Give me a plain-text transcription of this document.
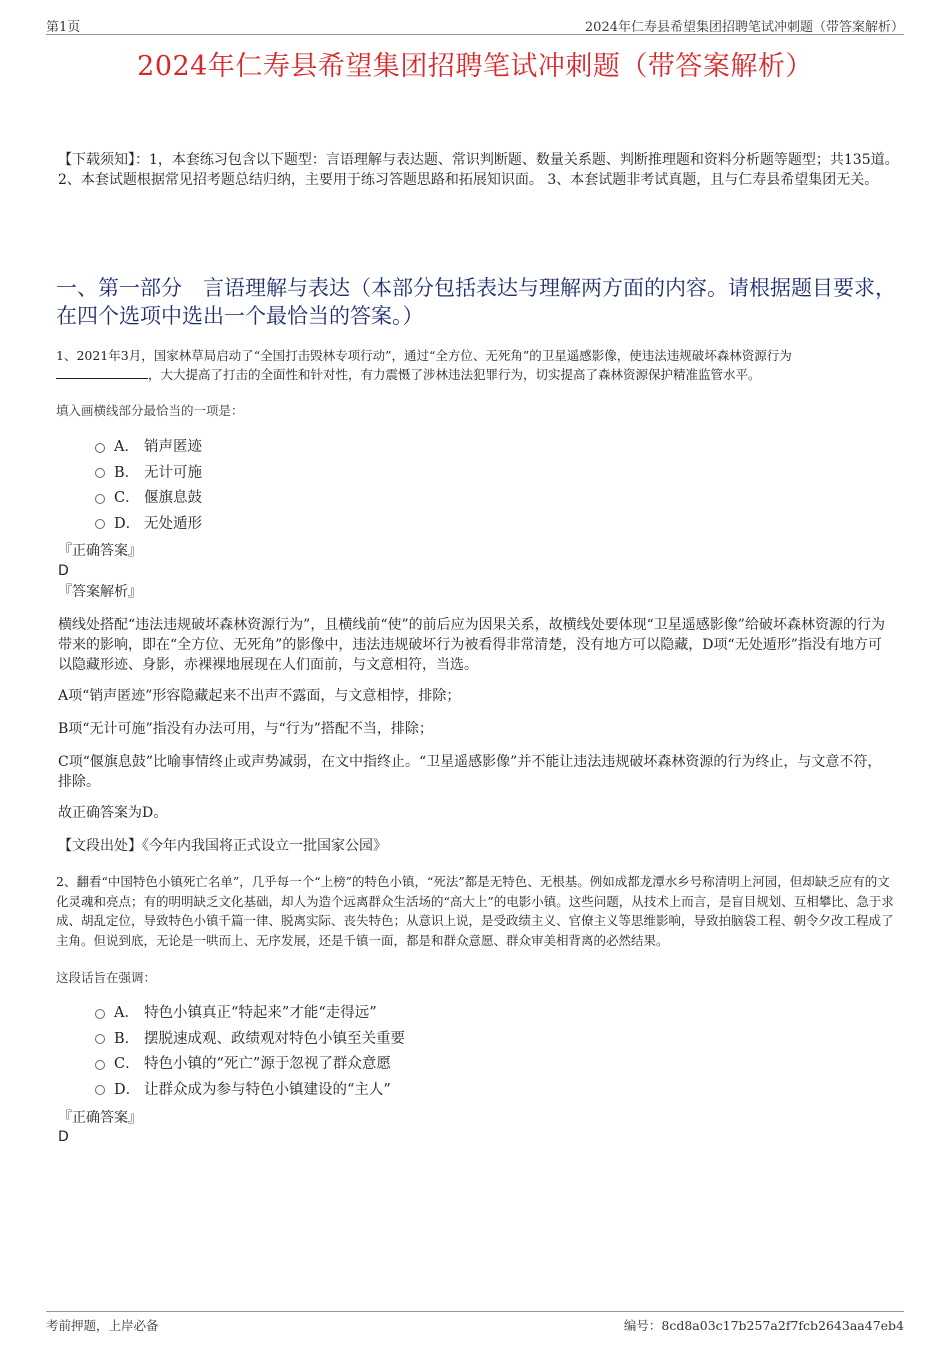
第1页	2024年仁寿县希望集团招聘笔试冲刺题（带答案解析）
2024年仁寿县希望集团招聘笔试冲刺题（带答案解析）
【下载须知】：1，本套练习包含以下题型：言语理解与表达题、常识判断题、数量关系题、判断推理题和资料分析题等题型；共135道。 2、本套试题根据常见招考题总结归纳，主要用于练习答题思路和拓展知识面。 3、本套试题非考试真题，且与仁寿县希望集团无关。
一、第一部分　言语理解与表达（本部分包括表达与理解两方面的内容。请根据题目要求，在四个选项中选出一个最恰当的答案。）
1、2021年3月，国家林草局启动了“全国打击毁林专项行动”，通过“全方位、无死角”的卫星遥感影像，使违法违规破坏森林资源行为
，大大提高了打击的全面性和针对性，有力震慑了涉林违法犯罪行为，切实提高了森林资源保护精准监管水平。
填入画横线部分最恰当的一项是：
A． 销声匿迹
B． 无计可施
C． 偃旗息鼓
D． 无处遁形
『正确答案』
D
『答案解析』
横线处搭配“违法违规破坏森林资源行为”，且横线前“使”的前后应为因果关系，故横线处要体现“卫星遥感影像”给破坏森林资源的行为带来的影响，即在“全方位、无死角”的影像中，违法违规破坏行为被看得非常清楚，没有地方可以隐藏，D项“无处遁形”指没有地方可以隐藏形迹、身影，赤裸裸地展现在人们面前，与文意相符，当选。
A项“销声匿迹”形容隐藏起来不出声不露面，与文意相悖，排除；
B项“无计可施”指没有办法可用，与“行为”搭配不当，排除；
C项“偃旗息鼓”比喻事情终止或声势减弱，在文中指终止。“卫星遥感影像”并不能让违法违规破坏森林资源的行为终止，与文意不符，排除。
故正确答案为D。
【文段出处】《今年内我国将正式设立一批国家公园》
2、翻看“中国特色小镇死亡名单”，几乎每一个“上榜”的特色小镇，“死法”都是无特色、无根基。例如成都龙潭水乡号称清明上河园，但却缺乏应有的文化灵魂和亮点；有的明明缺乏文化基础，却人为造个远离群众生活场的“高大上”的电影小镇。这些问题，从技术上而言，是盲目规划、互相攀比、急于求成、胡乱定位，导致特色小镇千篇一律、脱离实际、丧失特色；从意识上说，是受政绩主义、官僚主义等思维影响，导致拍脑袋工程、朝令夕改工程成了主角。但说到底，无论是一哄而上、无序发展，还是千镇一面，都是和群众意愿、群众审美相背离的必然结果。
这段话旨在强调：
A． 特色小镇真正“特起来”才能“走得远”
B． 摆脱速成观、政绩观对特色小镇至关重要
C． 特色小镇的“死亡”源于忽视了群众意愿
D． 让群众成为参与特色小镇建设的“主人”
『正确答案』
D
考前押题，上岸必备	编号：8cd8a03c17b257a2f7fcb2643aa47eb4
